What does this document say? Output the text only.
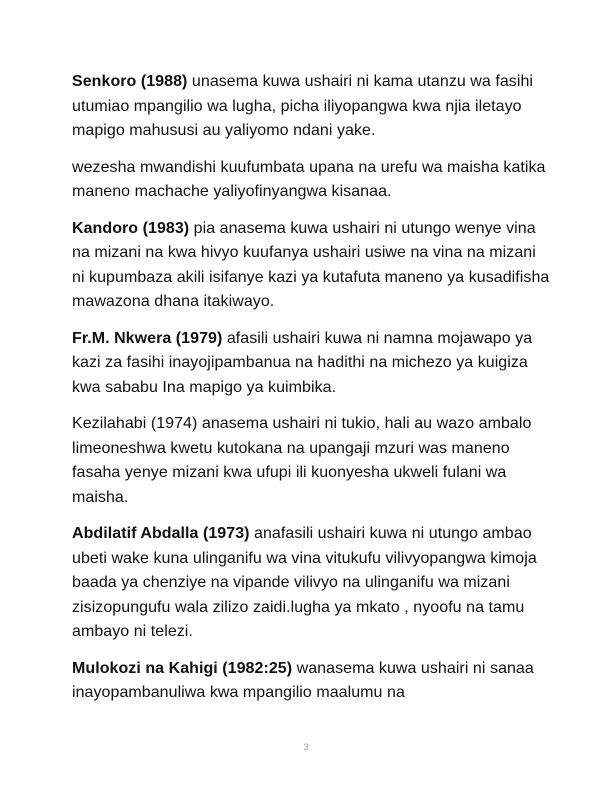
Senkoro (1988) unasema kuwa ushairi ni kama utanzu wa fasihi utumiao mpangilio wa lugha, picha iliyopangwa kwa njia iletayo mapigo mahususi au yaliyomo ndani yake.

wezesha mwandishi kuufumbata upana na urefu wa maisha katika maneno machache yaliyofinyangwa kisanaa.

Kandoro (1983) pia anasema kuwa ushairi ni utungo wenye vina na mizani na kwa hivyo kuufanya ushairi usiwe na vina na mizani ni kupumbaza akili isifanye kazi ya kutafuta maneno ya kusadifisha mawazona dhana itakiwayo.

Fr.M. Nkwera (1979) afasili ushairi kuwa ni namna mojawapo ya kazi za fasihi inayojipambanua na hadithi na michezo ya kuigiza kwa sababu Ina mapigo ya kuimbika.

Kezilahabi (1974) anasema ushairi ni tukio, hali au wazo ambalo limeoneshwa kwetu kutokana na upangaji mzuri was maneno fasaha yenye mizani kwa ufupi ili kuonyesha ukweli fulani wa maisha.

Abdilatif Abdalla (1973) anafasili ushairi kuwa ni utungo ambao ubeti wake kuna ulinganifu wa vina vitukufu vilivyopangwa kimoja baada ya chenziye na vipande vilivyo na ulinganifu wa mizani zisizopungufu wala zilizo zaidi.lugha ya mkato , nyoofu na tamu ambayo ni telezi.

Mulokozi na Kahigi (1982:25) wanasema kuwa ushairi ni sanaa inayopambanuliwa kwa mpangilio maalumu na

3
